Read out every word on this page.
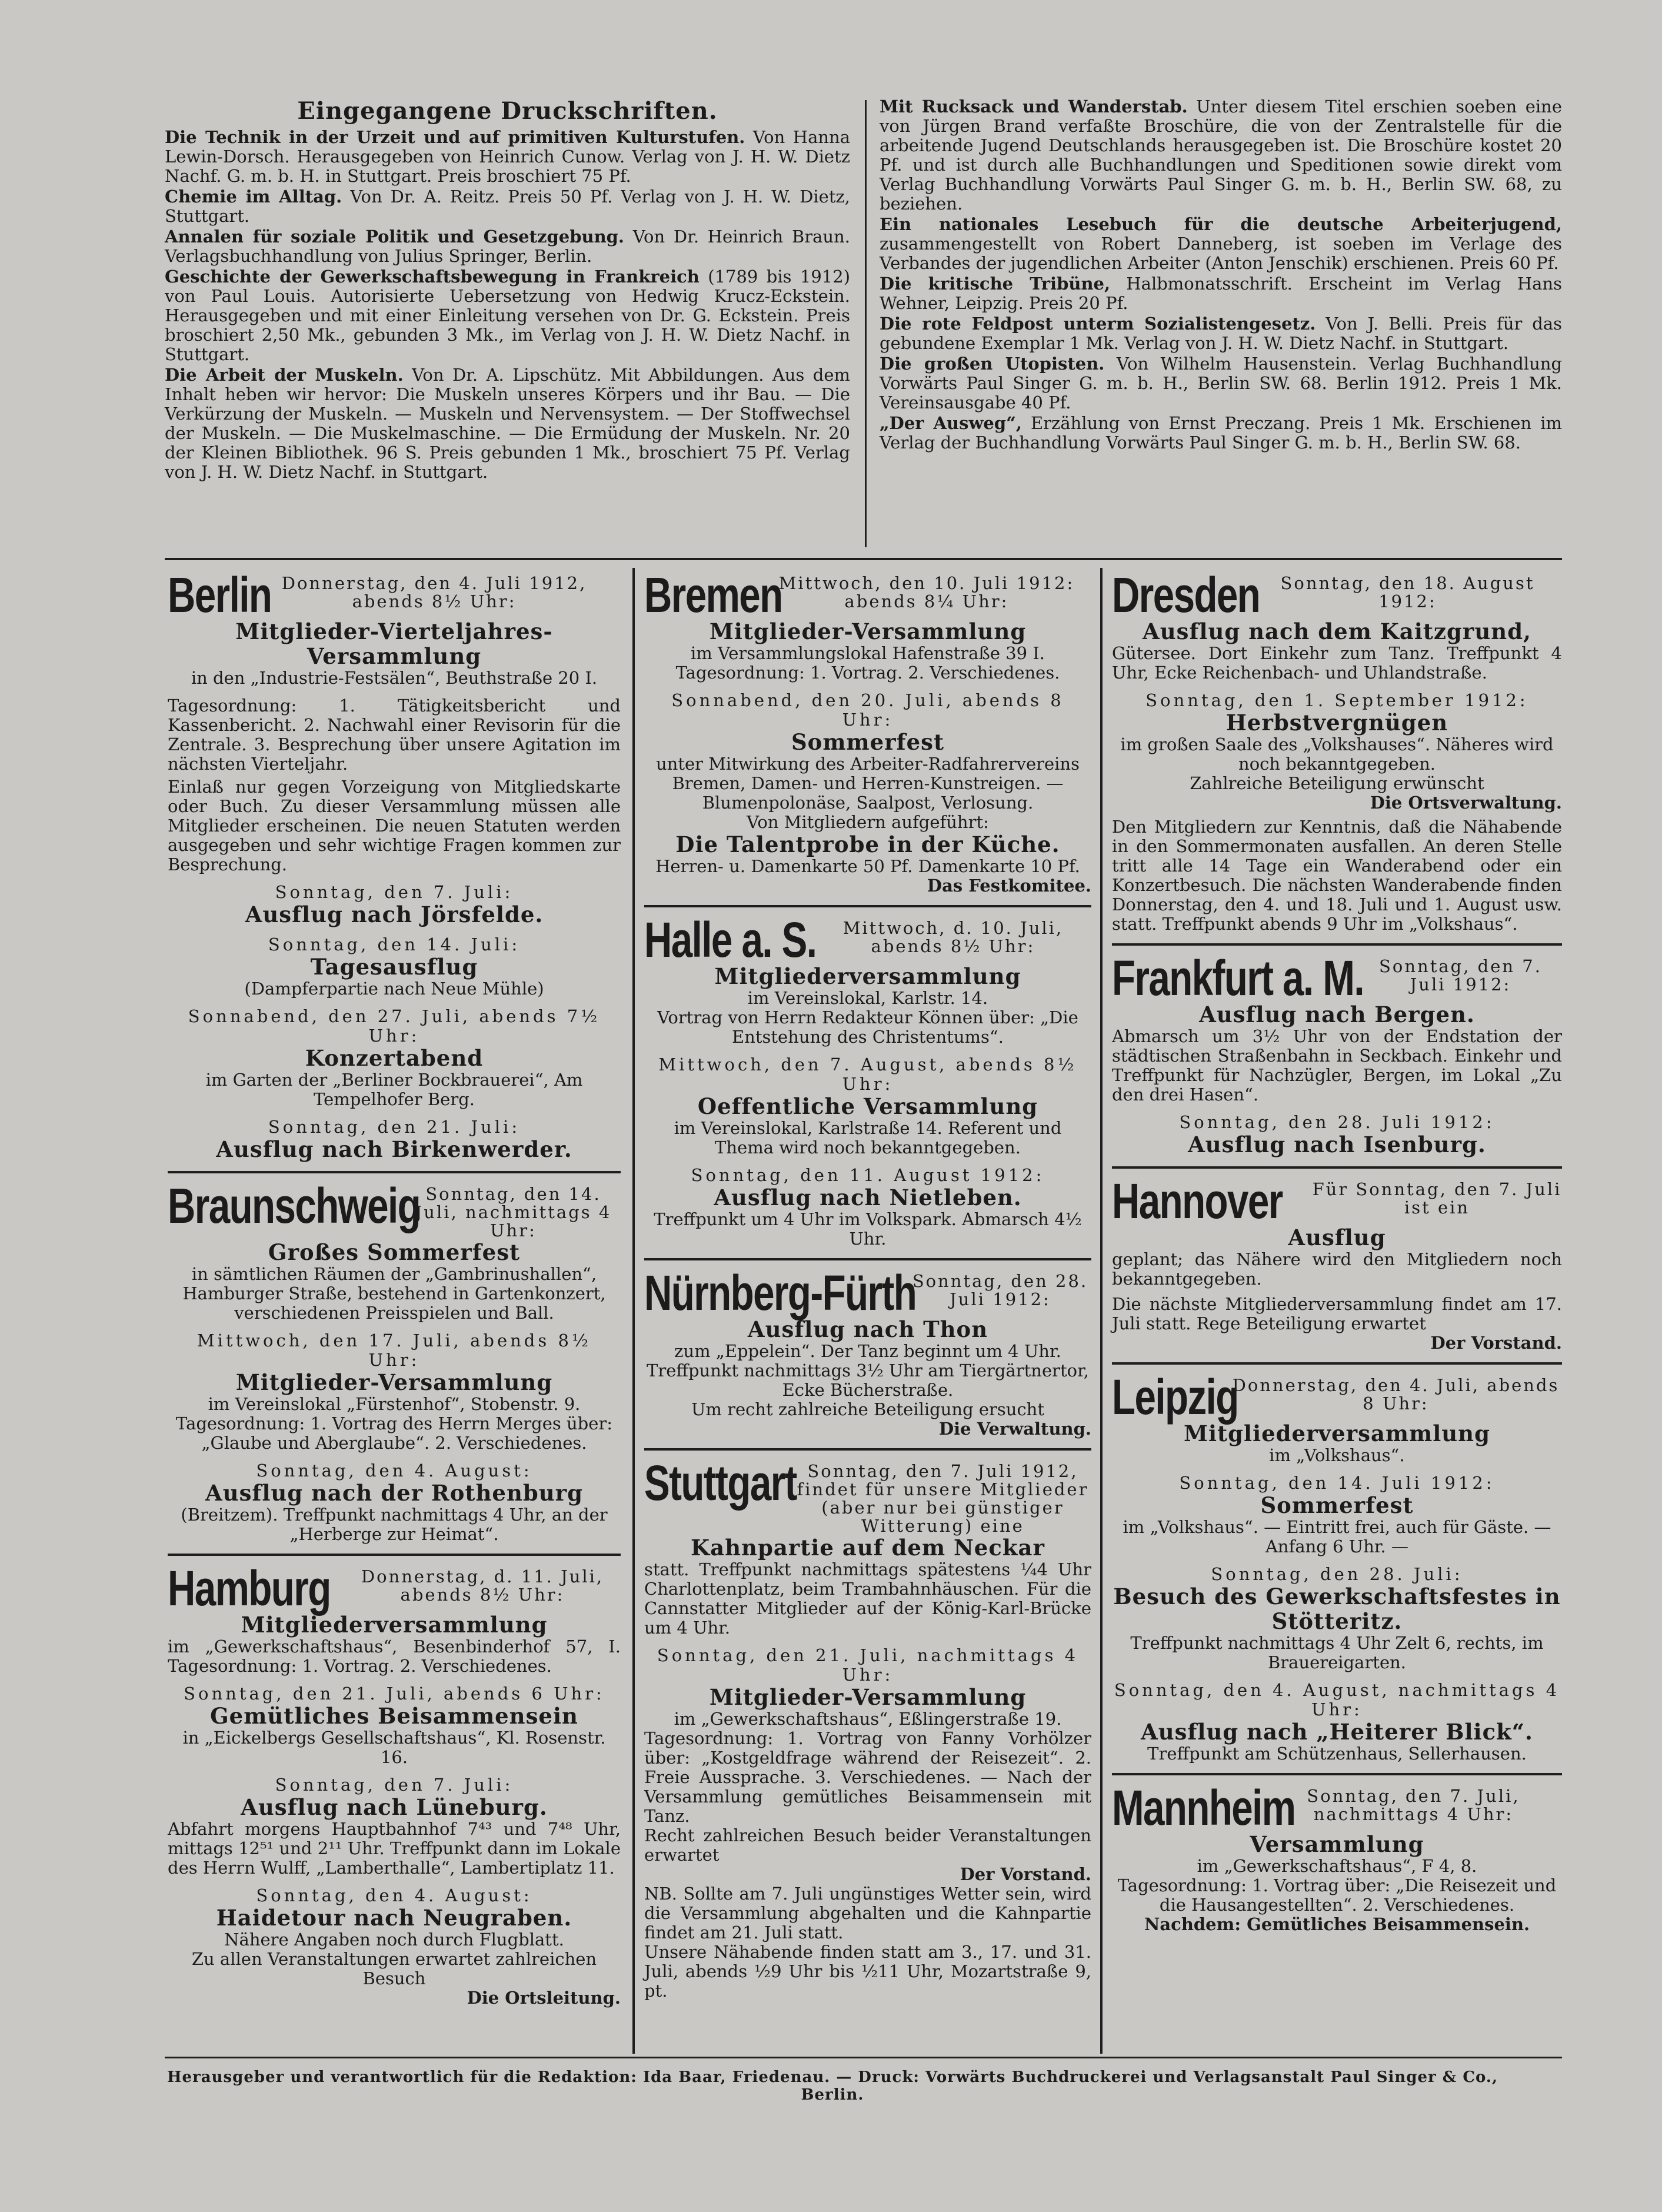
Eingegangene Druckschriften.

Die Technik in der Urzeit und auf primitiven Kulturstufen. Von Hanna Lewin-Dorsch. Herausgegeben von Heinrich Cunow. Verlag von J. H. W. Dietz Nachf. G. m. b. H. in Stuttgart. Preis broschiert 75 Pf.

Chemie im Alltag. Von Dr. A. Reitz. Preis 50 Pf. Verlag von J. H. W. Dietz, Stuttgart.

Annalen für soziale Politik und Gesetzgebung. Von Dr. Heinrich Braun. Verlagsbuchhandlung von Julius Springer, Berlin.

Geschichte der Gewerkschaftsbewegung in Frankreich (1789 bis 1912) von Paul Louis. Autorisierte Uebersetzung von Hedwig Krucz-Eckstein. Herausgegeben und mit einer Einleitung versehen von Dr. G. Eckstein. Preis broschiert 2,50 Mk., gebunden 3 Mk., im Verlag von J. H. W. Dietz Nachf. in Stuttgart.

Die Arbeit der Muskeln. Von Dr. A. Lipschütz. Mit Abbildungen. Aus dem Inhalt heben wir hervor: Die Muskeln unseres Körpers und ihr Bau. — Die Verkürzung der Muskeln. — Muskeln und Nervensystem. — Der Stoffwechsel der Muskeln. — Die Muskelmaschine. — Die Ermüdung der Muskeln. Nr. 20 der Kleinen Bibliothek. 96 S. Preis gebunden 1 Mk., broschiert 75 Pf. Verlag von J. H. W. Dietz Nachf. in Stuttgart.

Mit Rucksack und Wanderstab. Unter diesem Titel erschien soeben eine von Jürgen Brand verfaßte Broschüre, die von der Zentralstelle für die arbeitende Jugend Deutschlands herausgegeben ist. Die Broschüre kostet 20 Pf. und ist durch alle Buchhandlungen und Speditionen sowie direkt vom Verlag Buchhandlung Vorwärts Paul Singer G. m. b. H., Berlin SW. 68, zu beziehen.

Ein nationales Lesebuch für die deutsche Arbeiterjugend, zusammengestellt von Robert Danneberg, ist soeben im Verlage des Verbandes der jugendlichen Arbeiter (Anton Jenschik) erschienen. Preis 60 Pf.

Die kritische Tribüne, Halbmonatsschrift. Erscheint im Verlag Hans Wehner, Leipzig. Preis 20 Pf.

Die rote Feldpost unterm Sozialistengesetz. Von J. Belli. Preis für das gebundene Exemplar 1 Mk. Verlag von J. H. W. Dietz Nachf. in Stuttgart.

Die großen Utopisten. Von Wilhelm Hausenstein. Verlag Buchhandlung Vorwärts Paul Singer G. m. b. H., Berlin SW. 68. Berlin 1912. Preis 1 Mk. Vereinsausgabe 40 Pf.

„Der Ausweg“, Erzählung von Ernst Preczang. Preis 1 Mk. Erschienen im Verlag der Buchhandlung Vorwärts Paul Singer G. m. b. H., Berlin SW. 68.

Berlin Donnerstag, den 4. Juli 1912, abends 8½ Uhr:
Mitglieder-Vierteljahres-Versammlung
in den „Industrie-Festsälen“, Beuthstraße 20 I.
Tagesordnung: 1. Tätigkeitsbericht und Kassenbericht. 2. Nachwahl einer Revisorin für die Zentrale. 3. Besprechung über unsere Agitation im nächsten Vierteljahr.
Einlaß nur gegen Vorzeigung von Mitgliedskarte oder Buch. Zu dieser Versammlung müssen alle Mitglieder erscheinen. Die neuen Statuten werden ausgegeben und sehr wichtige Fragen kommen zur Besprechung.
Sonntag, den 7. Juli:
Ausflug nach Jörsfelde.
Sonntag, den 14. Juli:
Tagesausflug
(Dampferpartie nach Neue Mühle)
Sonnabend, den 27. Juli, abends 7½ Uhr:
Konzertabend
im Garten der „Berliner Bockbrauerei“, Am Tempelhofer Berg.
Sonntag, den 21. Juli:
Ausflug nach Birkenwerder.
Braunschweig Sonntag, den 14. Juli, nachmittags 4 Uhr:
Großes Sommerfest
in sämtlichen Räumen der „Gambrinushallen“, Hamburger Straße, bestehend in Gartenkonzert, verschiedenen Preisspielen und Ball.
Mittwoch, den 17. Juli, abends 8½ Uhr:
Mitglieder-Versammlung
im Vereinslokal „Fürstenhof“, Stobenstr. 9.
Tagesordnung: 1. Vortrag des Herrn Merges über: „Glaube und Aberglaube“. 2. Verschiedenes.
Sonntag, den 4. August:
Ausflug nach der Rothenburg
(Breitzem). Treffpunkt nachmittags 4 Uhr, an der „Herberge zur Heimat“.
Hamburg	Donnerstag, d. 11. Juli, abends 8½ Uhr:
Mitgliederversammlung
im „Gewerkschaftshaus“, Besenbinderhof 57, I. Tagesordnung: 1. Vortrag. 2. Verschiedenes.
Sonntag, den 21. Juli, abends 6 Uhr:
Gemütliches Beisammensein
in „Eickelbergs Gesellschaftshaus“, Kl. Rosenstr. 16.
Sonntag, den 7. Juli:
Ausflug nach Lüneburg.
Abfahrt morgens Hauptbahnhof 7⁴³ und 7⁴⁸ Uhr, mittags 12⁵¹ und 2¹¹ Uhr. Treffpunkt dann im Lokale des Herrn Wulff, „Lamberthalle“, Lambertiplatz 11.
Sonntag, den 4. August:
Haidetour nach Neugraben.
Nähere Angaben noch durch Flugblatt.
Zu allen Veranstaltungen erwartet zahlreichen Besuch
Die Ortsleitung.
Bremen
Mittwoch, den 10. Juli 1912: abends 8¼ Uhr:
Mitglieder-Versammlung
im Versammlungslokal Hafenstraße 39 I.
Tagesordnung: 1. Vortrag. 2. Verschiedenes.
Sonnabend, den 20. Juli, abends 8 Uhr:
Sommerfest
unter Mitwirkung des Arbeiter-Radfahrervereins Bremen, Damen- und Herren-Kunstreigen. — Blumenpolonäse, Saalpost, Verlosung.
Von Mitgliedern aufgeführt:
Die Talentprobe in der Küche.
Herren- u. Damenkarte 50 Pf. Damenkarte 10 Pf.
Das Festkomitee.
Halle a. S.	Mittwoch, d. 10. Juli, abends 8½ Uhr:
Mitgliederversammlung
im Vereinslokal, Karlstr. 14.
Vortrag von Herrn Redakteur Können über: „Die Entstehung des Christentums“.
Mittwoch, den 7. August, abends 8½ Uhr:
Oeffentliche Versammlung
im Vereinslokal, Karlstraße 14. Referent und Thema wird noch bekanntgegeben.
Sonntag, den 11. August 1912:
Ausflug nach Nietleben.
Treffpunkt um 4 Uhr im Volkspark. Abmarsch 4½ Uhr.
Nürnberg-Fürth
Sonntag, den 28. Juli 1912:
Ausflug nach Thon
zum „Eppelein“. Der Tanz beginnt um 4 Uhr. Treffpunkt nachmittags 3½ Uhr am Tiergärtnertor, Ecke Bücherstraße.
Um recht zahlreiche Beteiligung ersucht
Die Verwaltung.
Stuttgart Sonntag, den 7. Juli 1912, findet für unsere Mitglieder (aber nur bei günstiger Witterung) eine
Kahnpartie auf dem Neckar
statt. Treffpunkt nachmittags spätestens ¼4 Uhr Charlottenplatz, beim Trambahnhäuschen. Für die Cannstatter Mitglieder auf der König-Karl-Brücke um 4 Uhr.
Sonntag, den 21. Juli, nachmittags 4 Uhr:
Mitglieder-Versammlung
im „Gewerkschaftshaus“, Eßlingerstraße 19.
Tagesordnung: 1. Vortrag von Fanny Vorhölzer über: „Kostgeldfrage während der Reisezeit“. 2. Freie Aussprache. 3. Verschiedenes. — Nach der Versammlung gemütliches Beisammensein mit Tanz.
Recht zahlreichen Besuch beider Veranstaltungen erwartet
Der Vorstand.
NB. Sollte am 7. Juli ungünstiges Wetter sein, wird die Versammlung abgehalten und die Kahnpartie findet am 21. Juli statt.
Unsere Nähabende finden statt am 3., 17. und 31. Juli, abends ½9 Uhr bis ½11 Uhr, Mozartstraße 9, pt.
Dresden	Sonntag, den 18. August 1912:
Ausflug nach dem Kaitzgrund,
Gütersee. Dort Einkehr zum Tanz. Treffpunkt 4 Uhr, Ecke Reichenbach- und Uhlandstraße.
Sonntag, den 1. September 1912:
Herbstvergnügen
im großen Saale des „Volkshauses“. Näheres wird noch bekanntgegeben.
Zahlreiche Beteiligung erwünscht
Die Ortsverwaltung.
Den Mitgliedern zur Kenntnis, daß die Nähabende in den Sommermonaten ausfallen. An deren Stelle tritt alle 14 Tage ein Wanderabend oder ein Konzertbesuch. Die nächsten Wanderabende finden Donnerstag, den 4. und 18. Juli und 1. August usw. statt. Treffpunkt abends 9 Uhr im „Volkshaus“.
Frankfurt a. M. Sonntag, den 7. Juli 1912:
Ausflug nach Bergen.
Abmarsch um 3½ Uhr von der Endstation der städtischen Straßenbahn in Seckbach. Einkehr und Treffpunkt für Nachzügler, Bergen, im Lokal „Zu den drei Hasen“.
Sonntag, den 28. Juli 1912:
Ausflug nach Isenburg.
Hannover	Für Sonntag, den 7. Juli ist ein
Ausflug
geplant; das Nähere wird den Mitgliedern noch bekanntgegeben.
Die nächste Mitgliederversammlung findet am 17. Juli statt. Rege Beteiligung erwartet
Der Vorstand.
Leipzig
Donnerstag, den 4. Juli, abends 8 Uhr:
Mitgliederversammlung
im „Volkshaus“.
Sonntag, den 14. Juli 1912:
Sommerfest
im „Volkshaus“. — Eintritt frei, auch für Gäste. — Anfang 6 Uhr. —
Sonntag, den 28. Juli:
Besuch des Gewerkschaftsfestes in Stötteritz.
Treffpunkt nachmittags 4 Uhr Zelt 6, rechts, im Brauereigarten.
Sonntag, den 4. August, nachmittags 4 Uhr:
Ausflug nach „Heiterer Blick“.
Treffpunkt am Schützenhaus, Sellerhausen.
Mannheim Sonntag, den 7. Juli, nachmittags 4 Uhr:
Versammlung
im „Gewerkschaftshaus“, F 4, 8.
Tagesordnung: 1. Vortrag über: „Die Reisezeit und die Hausangestellten“. 2. Verschiedenes.
Nachdem: Gemütliches Beisammensein.
Herausgeber und verantwortlich für die Redaktion: Ida Baar, Friedenau. — Druck: Vorwärts Buchdruckerei und Verlagsanstalt Paul Singer & Co., Berlin.
